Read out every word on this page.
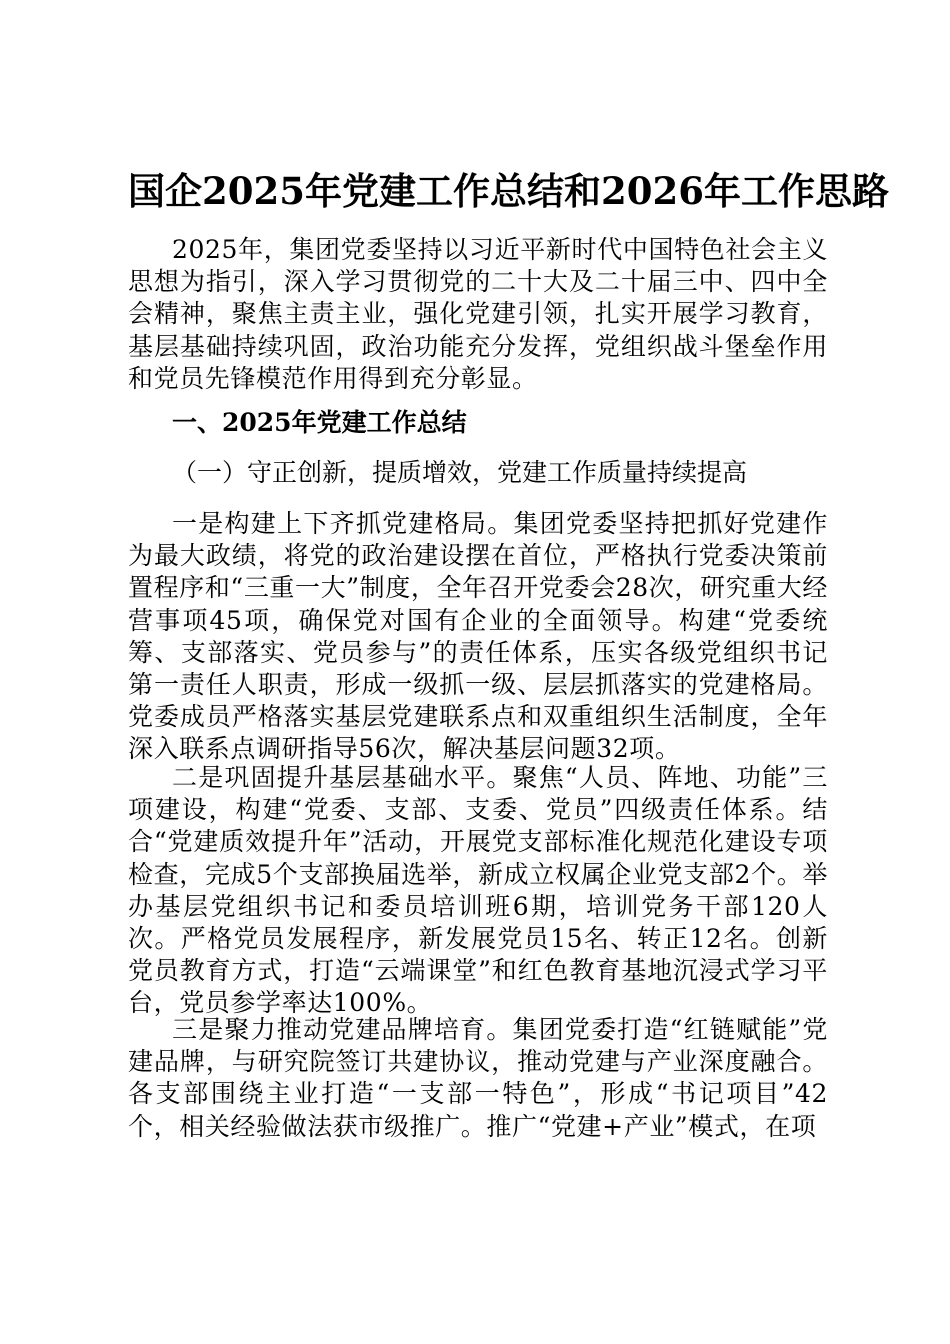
国企2025年党建工作总结和2026年工作思路
2025年，集团党委坚持以习近平新时代中国特色社会主义思想为指引，深入学习贯彻党的二十大及二十届三中、四中全会精神，聚焦主责主业，强化党建引领，扎实开展学习教育，基层基础持续巩固，政治功能充分发挥，党组织战斗堡垒作用和党员先锋模范作用得到充分彰显。
一、2025年党建工作总结
（一）守正创新，提质增效，党建工作质量持续提高
一是构建上下齐抓党建格局。集团党委坚持把抓好党建作为最大政绩，将党的政治建设摆在首位，严格执行党委决策前置程序和“三重一大”制度，全年召开党委会28次，研究重大经营事项45项，确保党对国有企业的全面领导。构建“党委统筹、支部落实、党员参与”的责任体系，压实各级党组织书记第一责任人职责，形成一级抓一级、层层抓落实的党建格局。党委成员严格落实基层党建联系点和双重组织生活制度，全年深入联系点调研指导56次，解决基层问题32项。
二是巩固提升基层基础水平。聚焦“人员、阵地、功能”三项建设，构建“党委、支部、支委、党员”四级责任体系。结合“党建质效提升年”活动，开展党支部标准化规范化建设专项检查，完成5个支部换届选举，新成立权属企业党支部2个。举办基层党组织书记和委员培训班6期，培训党务干部120人次。严格党员发展程序，新发展党员15名、转正12名。创新党员教育方式，打造“云端课堂”和红色教育基地沉浸式学习平台，党员参学率达100%。
三是聚力推动党建品牌培育。集团党委打造“红链赋能”党建品牌，与研究院签订共建协议，推动党建与产业深度融合。各支部围绕主业打造“一支部一特色”，形成“书记项目”42个，相关经验做法获市级推广。推广“党建+产业”模式，在项
